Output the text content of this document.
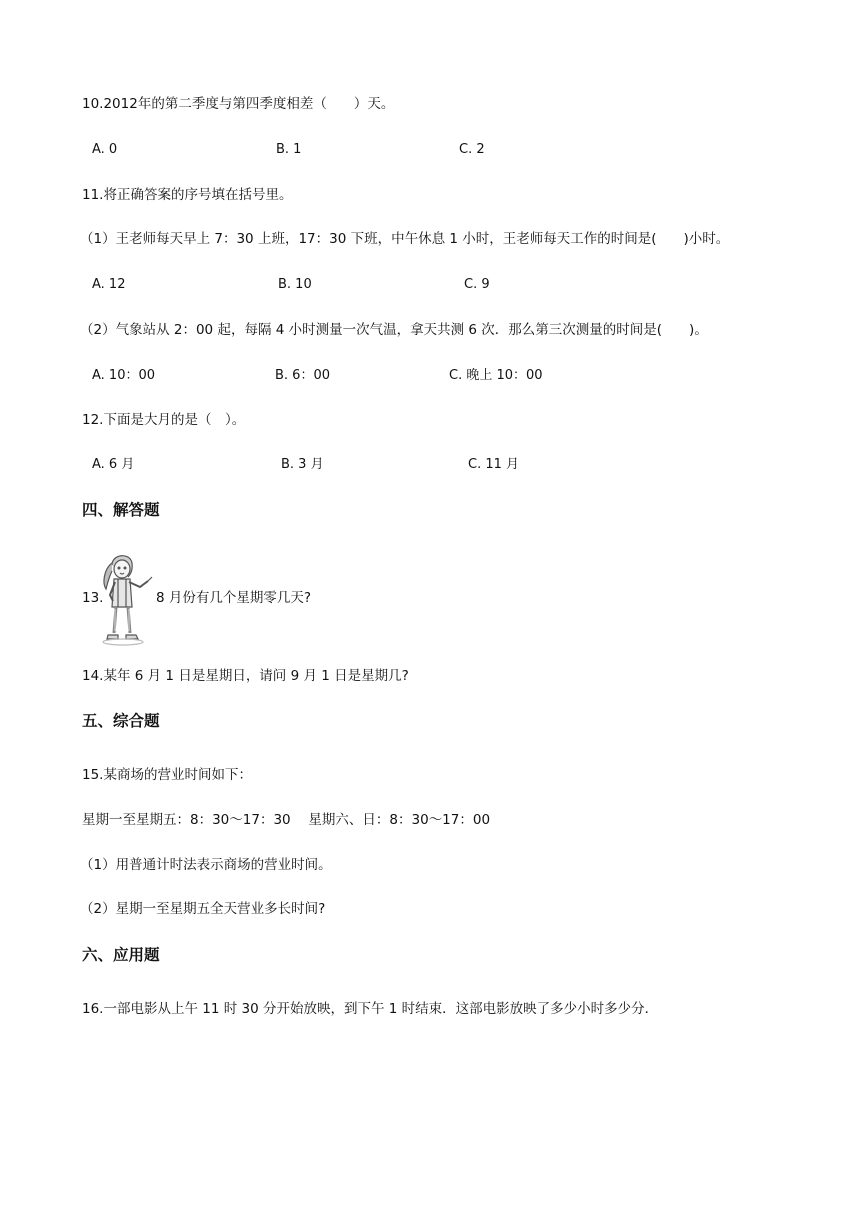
10.2012年的第二季度与第四季度相差（　　）天。
A. 0	B. 1	C. 2
11.将正确答案的序号填在括号里。
（1）王老师每天早上 7：30 上班，17：30 下班，中午休息 1 小时，王老师每天工作的时间是(　　)小时。
A. 12	B. 10	C. 9
（2）气象站从 2：00 起，每隔 4 小时测量一次气温，拿天共测 6 次．那么第三次测量的时间是(　　)。
A. 10：00	B. 6：00	C. 晚上 10：00
12.下面是大月的是（　）。
A. 6 月	B. 3 月	C. 11 月
四、解答题
13.	8 月份有几个星期零几天?
14.某年 6 月 1 日是星期日，请问 9 月 1 日是星期几?
五、综合题
15.某商场的营业时间如下：
星期一至星期五：8：30～17：30　 星期六、日：8：30～17：00
（1）用普通计时法表示商场的营业时间。
（2）星期一至星期五全天营业多长时间?
六、应用题
16.一部电影从上午 11 时 30 分开始放映，到下午 1 时结束．这部电影放映了多少小时多少分．
